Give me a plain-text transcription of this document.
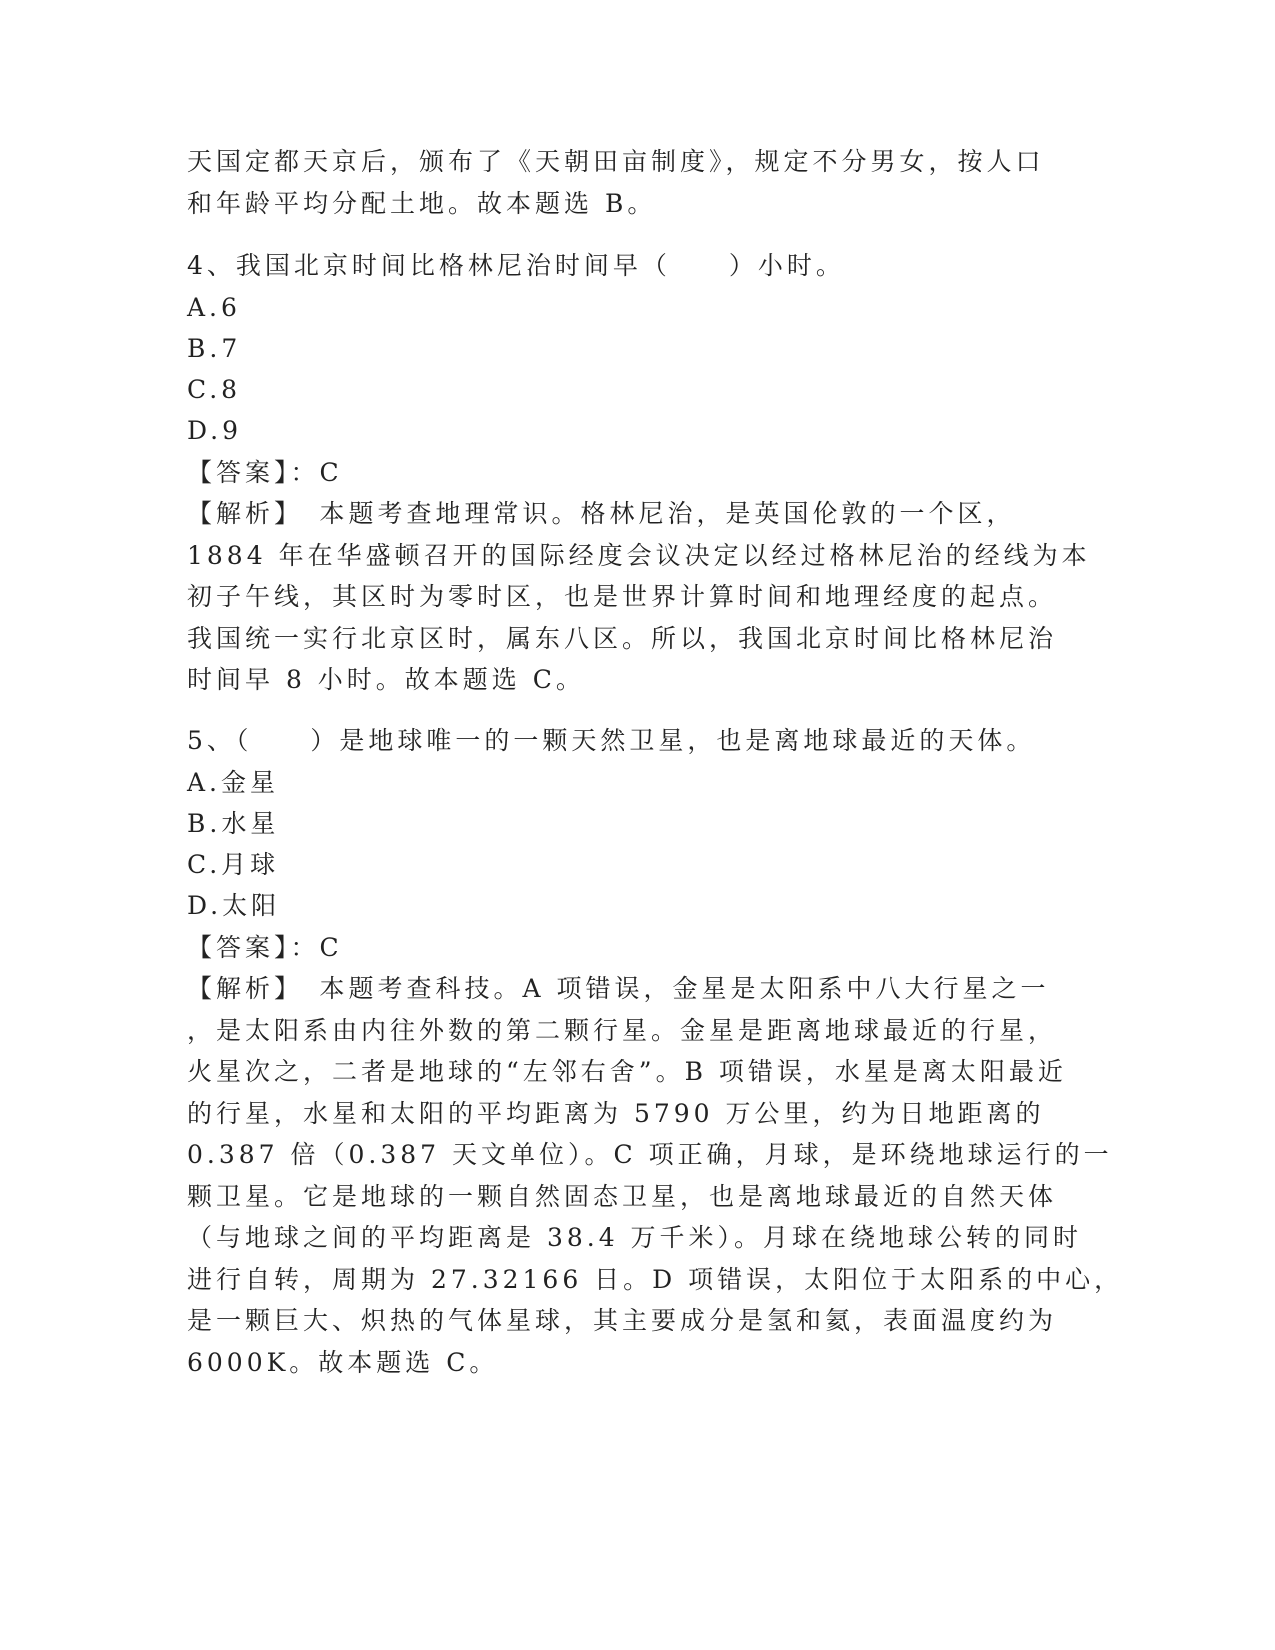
天国定都天京后，颁布了《天朝田亩制度》，规定不分男女，按人口
和年龄平均分配土地。故本题选 B。
4、我国北京时间比格林尼治时间早（　　）小时。
A.6
B.7
C.8
D.9
【答案】：C
【解析】　本题考查地理常识。格林尼治，是英国伦敦的一个区，
1884 年在华盛顿召开的国际经度会议决定以经过格林尼治的经线为本
初子午线，其区时为零时区，也是世界计算时间和地理经度的起点。
我国统一实行北京区时，属东八区。所以，我国北京时间比格林尼治
时间早 8 小时。故本题选 C。
5、（　　）是地球唯一的一颗天然卫星，也是离地球最近的天体。
A.金星
B.水星
C.月球
D.太阳
【答案】：C
【解析】　本题考查科技。A 项错误，金星是太阳系中八大行星之一
，是太阳系由内往外数的第二颗行星。金星是距离地球最近的行星，
火星次之，二者是地球的“左邻右舍”。B 项错误，水星是离太阳最近
的行星，水星和太阳的平均距离为 5790 万公里，约为日地距离的
0.387 倍（0.387 天文单位）。C 项正确，月球，是环绕地球运行的一
颗卫星。它是地球的一颗自然固态卫星，也是离地球最近的自然天体
（与地球之间的平均距离是 38.4 万千米）。月球在绕地球公转的同时
进行自转，周期为 27.32166 日。D 项错误，太阳位于太阳系的中心，
是一颗巨大、炽热的气体星球，其主要成分是氢和氦，表面温度约为
6000K。故本题选 C。
